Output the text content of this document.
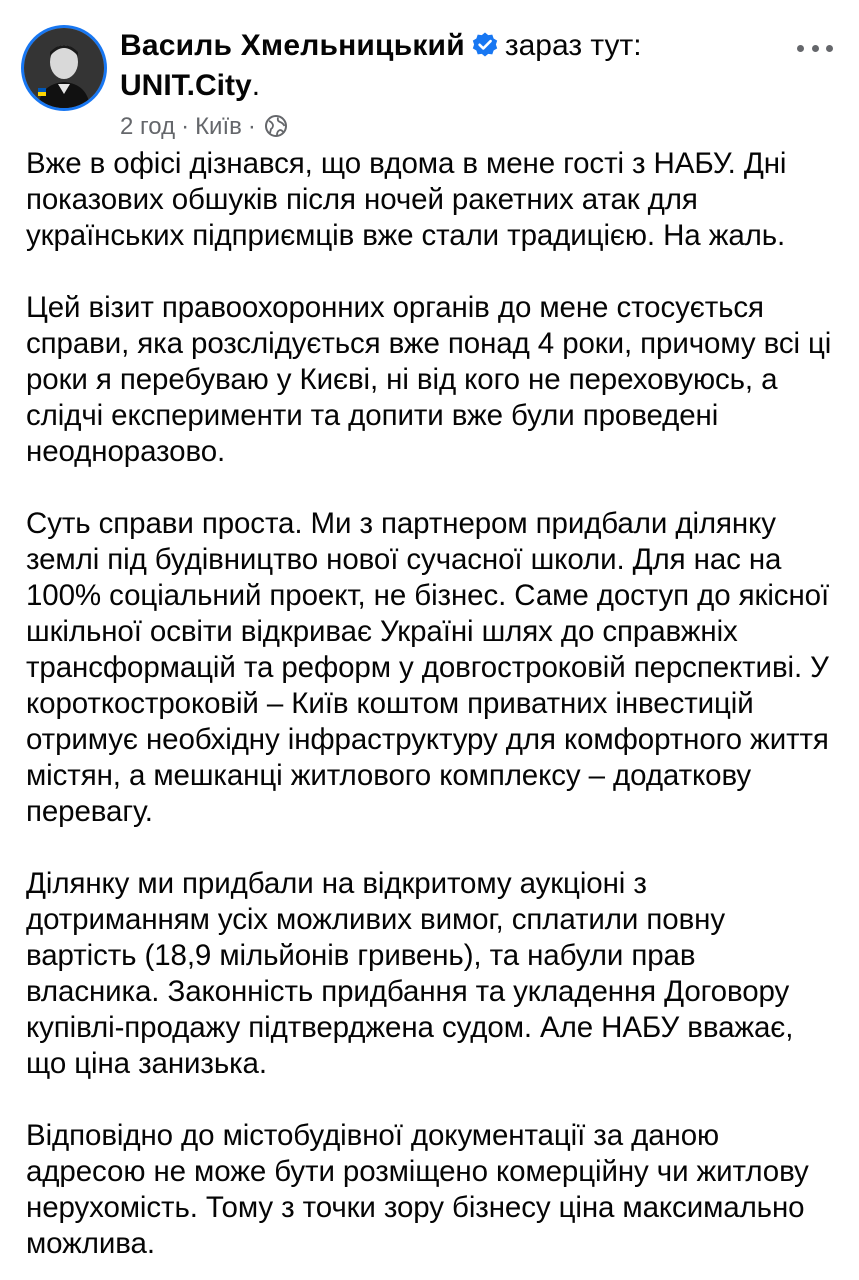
Василь Хмельницький зараз тут:
UNIT.City.
2 год · Київ ·

Вже в офісі дізнався, що вдома в мене гості з НАБУ. Дні показових обшуків після ночей ракетних атак для українських підприємців вже стали традицією. На жаль.

Цей візит правоохоронних органів до мене стосується справи, яка розслідується вже понад 4 роки, причому всі ці роки я перебуваю у Києві, ні від кого не переховуюсь, а слідчі експерименти та допити вже були проведені неодноразово.

Суть справи проста. Ми з партнером придбали ділянку землі під будівництво нової сучасної школи. Для нас на 100% соціальний проект, не бізнес. Саме доступ до якісної шкільної освіти відкриває Україні шлях до справжніх трансформацій та реформ у довгостроковій перспективі. У короткостроковій – Київ коштом приватних інвестицій отримує необхідну інфраструктуру для комфортного життя містян, а мешканці житлового комплексу – додаткову перевагу.

Ділянку ми придбали на відкритому аукціоні з дотриманням усіх можливих вимог, сплатили повну вартість (18,9 мільйонів гривень), та набули прав власника. Законність придбання та укладення Договору купівлі-продажу підтверджена судом. Але НАБУ вважає, що ціна занизька.

Відповідно до містобудівної документації за даною адресою не може бути розміщено комерційну чи житлову нерухомість. Тому з точки зору бізнесу ціна максимально можлива.
